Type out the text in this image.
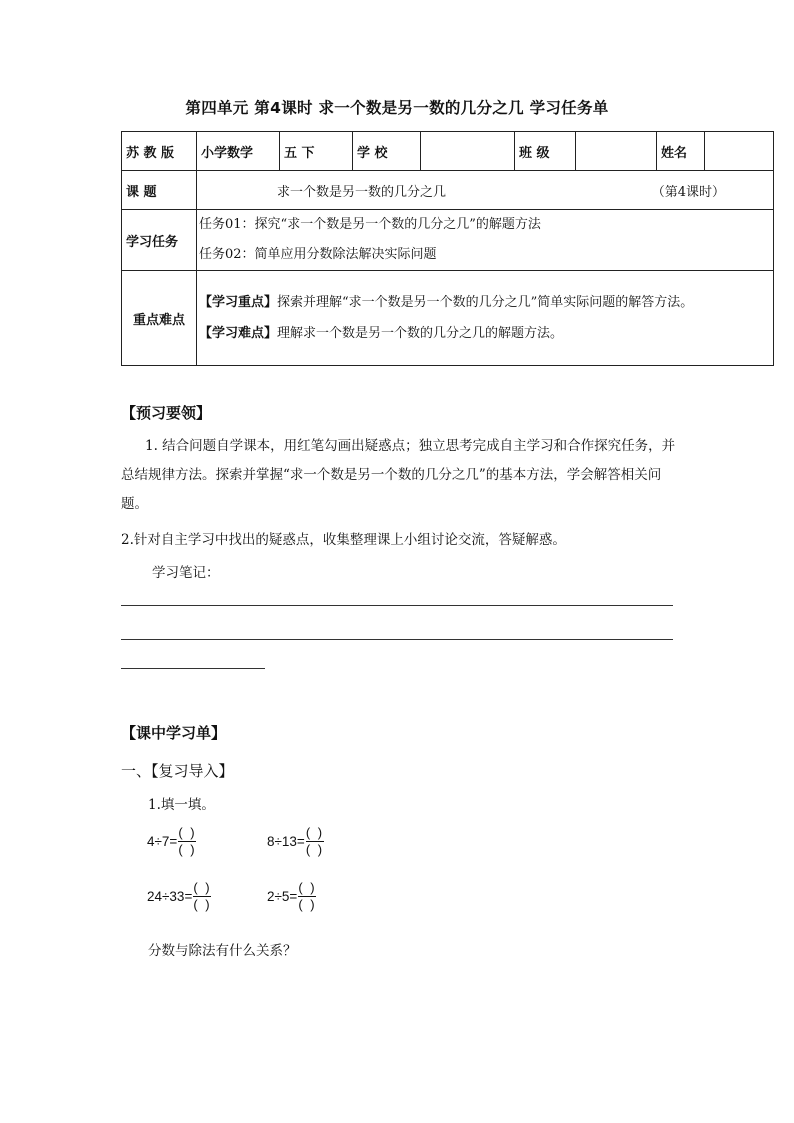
第四单元 第4课时 求一个数是另一数的几分之几 学习任务单
苏 教 版	小学数学	五 下	学 校		班 级		姓名	
课 题	求一个数是另一数的几分之几 （第4课时）							

学习任务	任务01：探究“求一个数是另一个数的几分之几”的解题方法
任务02：简单应用分数除法解决实际问题							

重点难点	【学习重点】探索并理解“求一个数是另一个数的几分之几”简单实际问题的解答方法。
【学习难点】理解求一个数是另一个数的几分之几的解题方法。							
【预习要领】
1. 结合问题自学课本，用红笔勾画出疑惑点；独立思考完成自主学习和合作探究任务，并总结规律方法。探索并掌握“求一个数是另一个数的几分之几”的基本方法，学会解答相关问题。
2.针对自主学习中找出的疑惑点，收集整理课上小组讨论交流，答疑解惑。
学习笔记：
【课中学习单】
一、【复习导入】
1.填一填。
$4\div 7= \frac{( )}{( )}$	$8\div 13= \frac{( )}{( )}$
$24\div 33= \frac{( )}{( )}$	$2\div 5= \frac{( )}{( )}$
分数与除法有什么关系？
